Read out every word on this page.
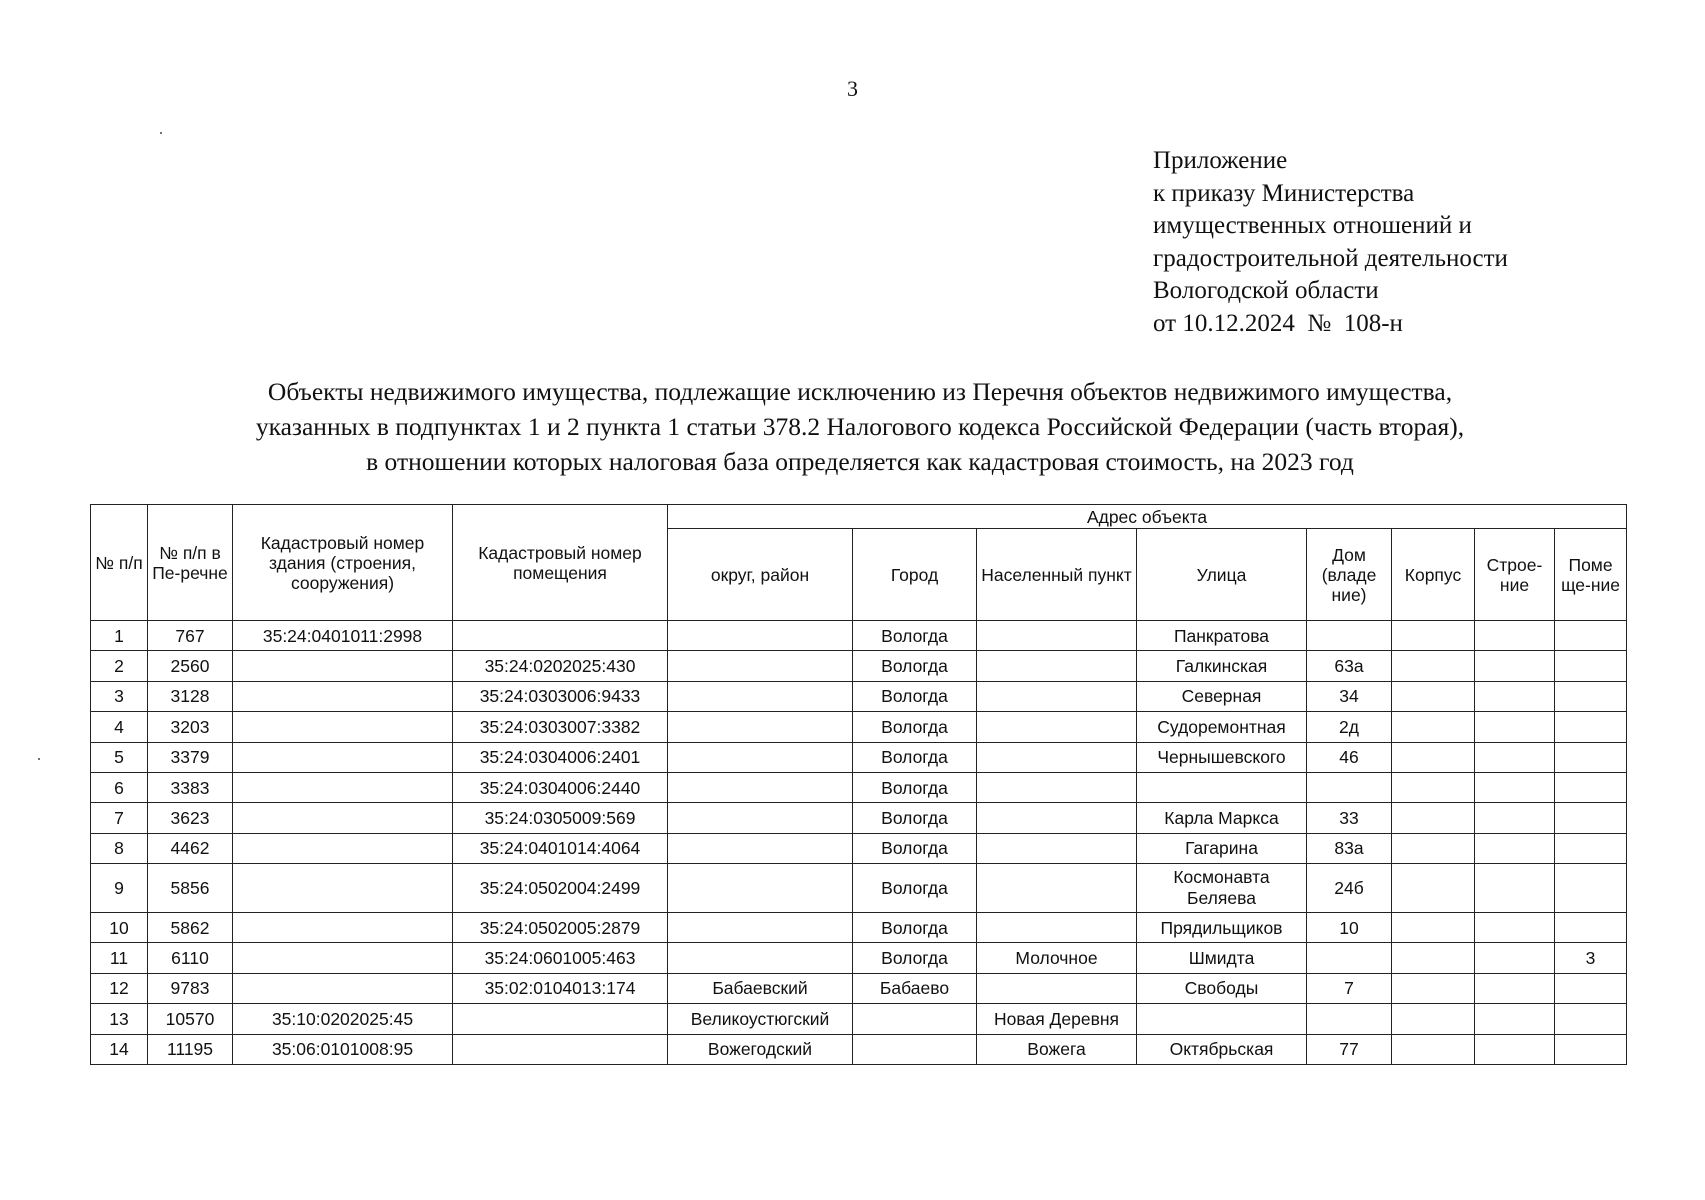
3
Приложение
к приказу Министерства
имущественных отношений и
градостроительной деятельности
Вологодской области
от 10.12.2024  №  108-н
Объекты недвижимого имущества, подлежащие исключению из Перечня объектов недвижимого имущества,
указанных в подпунктах 1 и 2 пункта 1 статьи 378.2 Налогового кодекса Российской Федерации (часть вторая),
в отношении которых налоговая база определяется как кадастровая стоимость, на 2023 год
№ п/п	№ п/п в Пе-речне	Кадастровый номер здания (строения, сооружения)	Кадастровый номер помещения	Адрес объекта							
				округ, район	Город	Населенный пункт	Улица	Дом (владе ние)	Корпус	Строе-ние	Поме ще-ние
1	767	35:24:0401011:2998			Вологда		Панкратова				
2	2560		35:24:0202025:430		Вологда		Галкинская	63а			
3	3128		35:24:0303006:9433		Вологда		Северная	34			
4	3203		35:24:0303007:3382		Вологда		Судоремонтная	2д			
5	3379		35:24:0304006:2401		Вологда		Чернышевского	46			
6	3383		35:24:0304006:2440		Вологда						
7	3623		35:24:0305009:569		Вологда		Карла Маркса	33			
8	4462		35:24:0401014:4064		Вологда		Гагарина	83а			
9	5856		35:24:0502004:2499		Вологда		Космонавта Беляева	24б			
10	5862		35:24:0502005:2879		Вологда		Прядильщиков	10			
11	6110		35:24:0601005:463		Вологда	Молочное	Шмидта				3
12	9783		35:02:0104013:174	Бабаевский	Бабаево		Свободы	7			
13	10570	35:10:0202025:45		Великоустюгский		Новая Деревня					
14	11195	35:06:0101008:95		Вожегодский		Вожега	Октябрьская	77			
